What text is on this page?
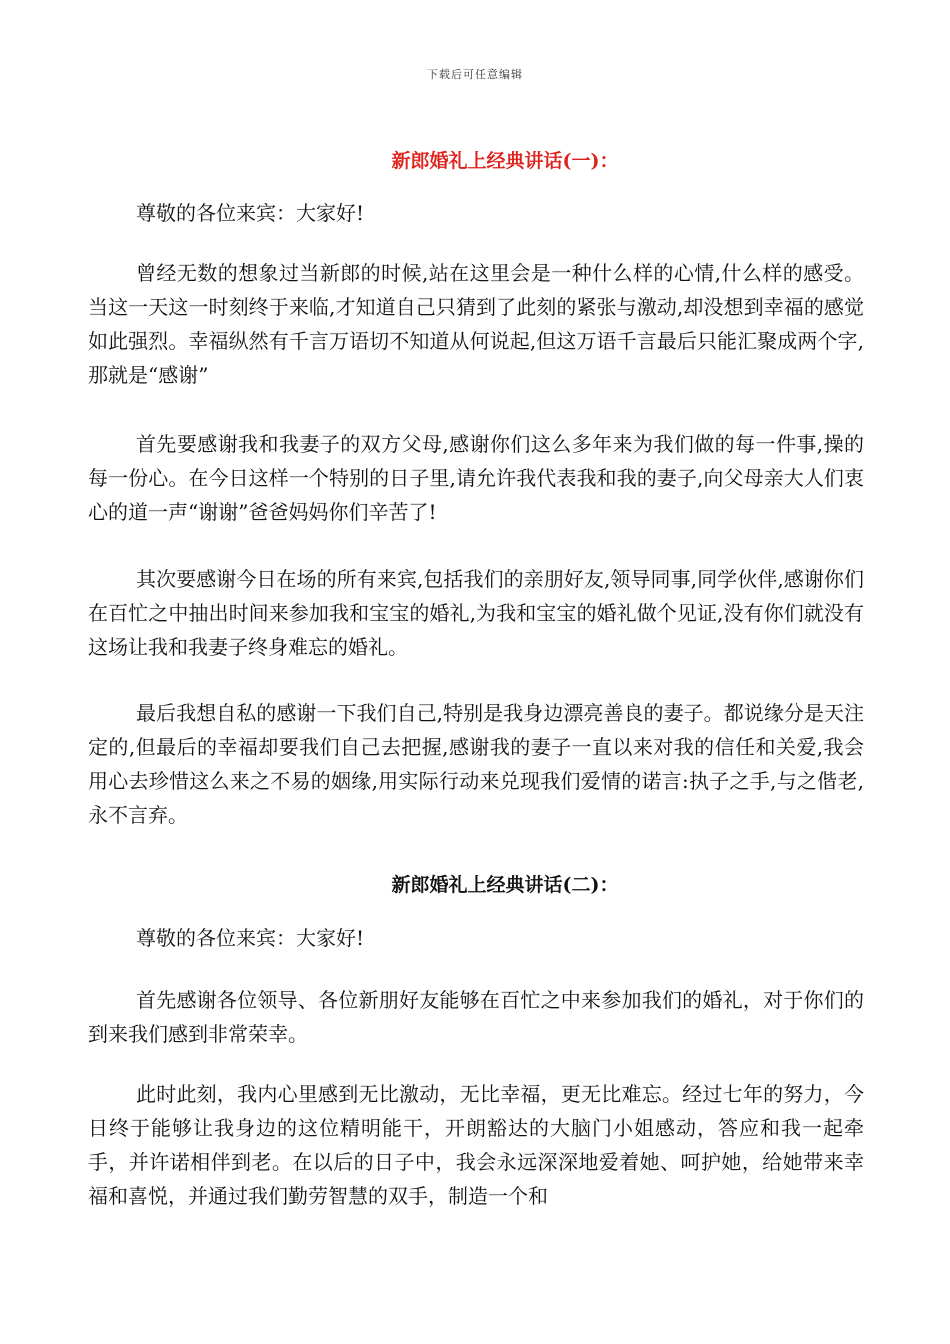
下载后可任意编辑
新郎婚礼上经典讲话(一)：

尊敬的各位来宾：大家好!

曾经无数的想象过当新郎的时候,站在这里会是一种什么样的心情,什么样的感受。当这一天这一时刻终于来临,才知道自己只猜到了此刻的紧张与激动,却没想到幸福的感觉如此强烈。幸福纵然有千言万语切不知道从何说起,但这万语千言最后只能汇聚成两个字,那就是“感谢”

首先要感谢我和我妻子的双方父母,感谢你们这么多年来为我们做的每一件事,操的每一份心。在今日这样一个特别的日子里,请允许我代表我和我的妻子,向父母亲大人们衷心的道一声“谢谢”爸爸妈妈你们辛苦了!

其次要感谢今日在场的所有来宾,包括我们的亲朋好友,领导同事,同学伙伴,感谢你们在百忙之中抽出时间来参加我和宝宝的婚礼,为我和宝宝的婚礼做个见证,没有你们就没有这场让我和我妻子终身难忘的婚礼。

最后我想自私的感谢一下我们自己,特别是我身边漂亮善良的妻子。都说缘分是天注定的,但最后的幸福却要我们自己去把握,感谢我的妻子一直以来对我的信任和关爱,我会用心去珍惜这么来之不易的姻缘,用实际行动来兑现我们爱情的诺言:执子之手,与之偕老,永不言弃。

新郎婚礼上经典讲话(二)：

尊敬的各位来宾：大家好!

首先感谢各位领导、各位新朋好友能够在百忙之中来参加我们的婚礼，对于你们的到来我们感到非常荣幸。

此时此刻，我内心里感到无比激动，无比幸福，更无比难忘。经过七年的努力，今日终于能够让我身边的这位精明能干，开朗豁达的大脑门小姐感动，答应和我一起牵手，并许诺相伴到老。在以后的日子中，我会永远深深地爱着她、呵护她，给她带来幸福和喜悦，并通过我们勤劳智慧的双手，制造一个和
